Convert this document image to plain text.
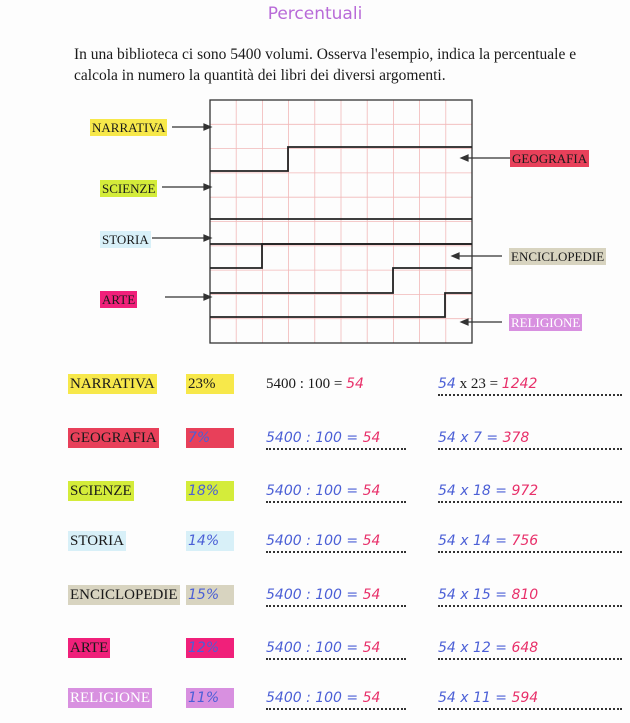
Percentuali
In una biblioteca ci sono 5400 volumi. Osserva l'esempio, indica la percentuale e calcola in numero la quantità dei libri dei diversi argomenti.
NARRATIVA
SCIENZE
STORIA
ARTE
GEOGRAFIA
ENCICLOPEDIE
RELIGIONE
NARRATIVA 23%	5400 : 100 = 54	54 x 23 = 1242
GEOGRAFIA 7%	5400 : 100 = 54	54 x 7 = 378
SCIENZE	18%	5400 : 100 = 54	54 x 18 = 972
STORIA	14%	5400 : 100 = 54	54 x 14 = 756
ENCICLOPEDIE 15%	5400 : 100 = 54	54 x 15 = 810
ARTE	12%	5400 : 100 = 54	54 x 12 = 648
RELIGIONE	11%	5400 : 100 = 54	54 x 11 = 594
